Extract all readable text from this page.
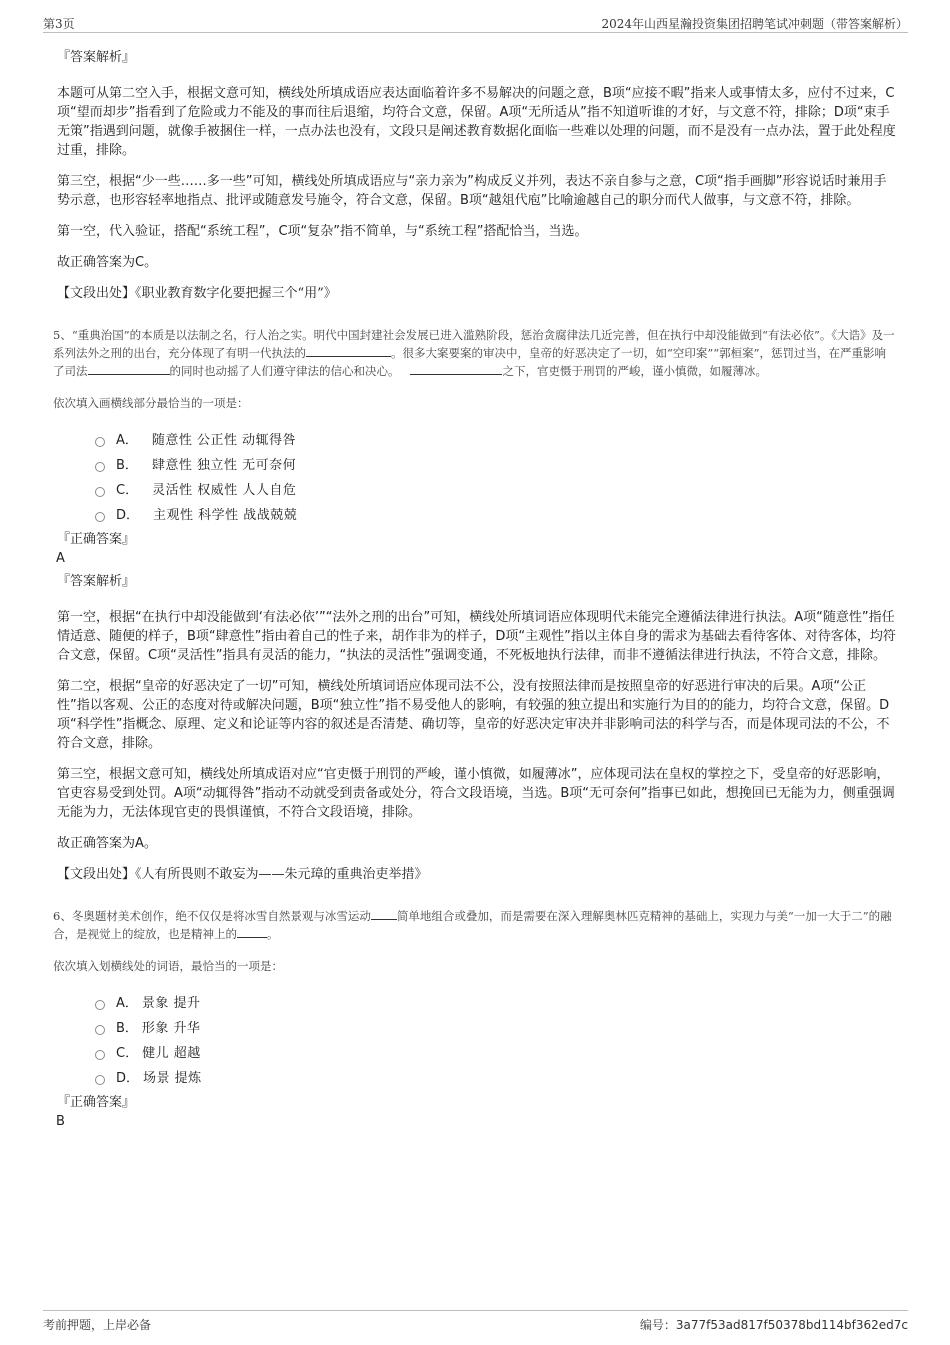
第3页	2024年山西星瀚投资集团招聘笔试冲刺题（带答案解析）
『答案解析』

本题可从第二空入手，根据文意可知，横线处所填成语应表达面临着许多不易解决的问题之意，B项“应接不暇”指来人或事情太多，应付不过来，C项“望而却步”指看到了危险或力不能及的事而往后退缩，均符合文意，保留。A项“无所适从”指不知道听谁的才好，与文意不符，排除；D项“束手无策”指遇到问题，就像手被捆住一样，一点办法也没有，文段只是阐述教育数据化面临一些难以处理的问题，而不是没有一点办法，置于此处程度过重，排除。

第三空，根据“少一些……多一些”可知，横线处所填成语应与“亲力亲为”构成反义并列，表达不亲自参与之意，C项“指手画脚”形容说话时兼用手势示意，也形容轻率地指点、批评或随意发号施令，符合文意，保留。B项“越俎代庖”比喻逾越自己的职分而代人做事，与文意不符，排除。

第一空，代入验证，搭配“系统工程”，C项“复杂”指不简单，与“系统工程”搭配恰当，当选。

故正确答案为C。

【文段出处】《职业教育数字化要把握三个“用”》
5、“重典治国”的本质是以法制之名，行人治之实。明代中国封建社会发展已进入滥熟阶段，惩治贪腐律法几近完善，但在执行中却没能做到“有法必依”。《大诰》及一系列法外之刑的出台，充分体现了有明一代执法的	。很多大案要案的审决中，皇帝的好恶决定了一切，如“空印案”“郭桓案”，惩罚过当，在严重影响了司法	的同时也动摇了人们遵守律法的信心和决心。	之下，官吏慑于刑罚的严峻，谨小慎微，如履薄冰。
依次填入画横线部分最恰当的一项是：
A． 随意性 公正性 动辄得咎
B． 肆意性 独立性 无可奈何
C． 灵活性 权威性 人人自危
D． 主观性 科学性 战战兢兢
『正确答案』
A
『答案解析』

第一空，根据“在执行中却没能做到‘有法必依’”“法外之刑的出台”可知，横线处所填词语应体现明代未能完全遵循法律进行执法。A项“随意性”指任情适意、随便的样子，B项“肆意性”指由着自己的性子来，胡作非为的样子，D项“主观性”指以主体自身的需求为基础去看待客体、对待客体，均符合文意，保留。C项“灵活性”指具有灵活的能力，“执法的灵活性”强调变通，不死板地执行法律，而非不遵循法律进行执法，不符合文意，排除。

第二空，根据“皇帝的好恶决定了一切”可知，横线处所填词语应体现司法不公，没有按照法律而是按照皇帝的好恶进行审决的后果。A项“公正性”指以客观、公正的态度对待或解决问题，B项“独立性”指不易受他人的影响，有较强的独立提出和实施行为目的的能力，均符合文意，保留。D项“科学性”指概念、原理、定义和论证等内容的叙述是否清楚、确切等，皇帝的好恶决定审决并非影响司法的科学与否，而是体现司法的不公，不符合文意，排除。

第三空，根据文意可知，横线处所填成语对应“官吏慑于刑罚的严峻，谨小慎微，如履薄冰”，应体现司法在皇权的掌控之下，受皇帝的好恶影响，官吏容易受到处罚。A项“动辄得咎”指动不动就受到责备或处分，符合文段语境，当选。B项“无可奈何”指事已如此，想挽回已无能为力，侧重强调无能为力，无法体现官吏的畏惧谨慎，不符合文段语境，排除。

故正确答案为A。

【文段出处】《人有所畏则不敢妄为——朱元璋的重典治吏举措》
6、冬奥题材美术创作，绝不仅仅是将冰雪自然景观与冰雪运动 简单地组合或叠加，而是需要在深入理解奥林匹克精神的基础上，实现力与美“一加一大于二”的融合，是视觉上的绽放，也是精神上的	。
依次填入划横线处的词语，最恰当的一项是：
A． 景象 提升
B． 形象 升华
C． 健儿 超越
D． 场景 提炼
『正确答案』
B
考前押题，上岸必备	编号：3a77f53ad817f50378bd114bf362ed7c
